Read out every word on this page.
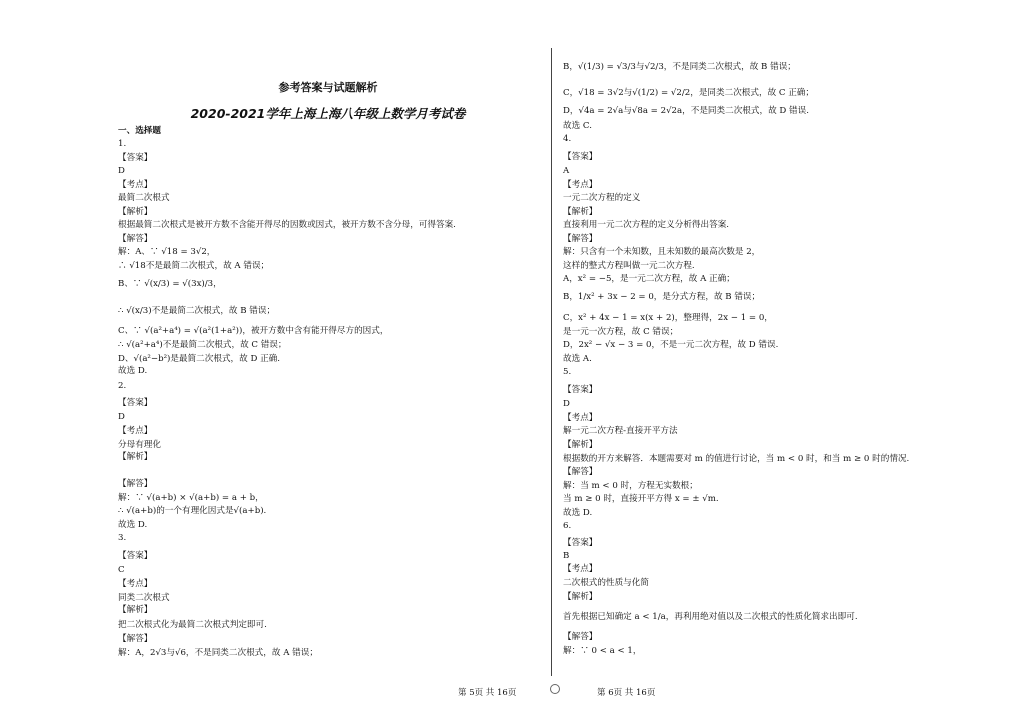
参考答案与试题解析
2020-2021学年上海上海八年级上数学月考试卷
一、选择题
1.
【答案】
D
【考点】
最简二次根式
【解析】
根据最简二次根式是被开方数不含能开得尽的因数或因式，被开方数不含分母，可得答案.
【解答】
解：A、∵ √18 = 3√2，
∴ √18不是最简二次根式，故 A 错误；
B、∵ √(x/3) = √(3x)/3，
∴ √(x/3)不是最简二次根式，故 B 错误；
C、∵ √(a²+a⁴) = √(a²(1+a²))，被开方数中含有能开得尽方的因式，
∴ √(a²+a⁴)不是最简二次根式，故 C 错误；
D、√(a²−b²)是最简二次根式，故 D 正确.
故选 D.
2.
【答案】
D
【考点】
分母有理化
【解析】
【解答】
解：∵ √(a+b) × √(a+b) = a + b，
∴ √(a+b)的一个有理化因式是√(a+b).
故选 D.
3.
【答案】
C
【考点】
同类二次根式
【解析】
把二次根式化为最简二次根式判定即可.
【解答】
解：A，2√3与√6，不是同类二次根式，故 A 错误；
B，√(1/3) = √3/3与√2/3，不是同类二次根式，故 B 错误；
C，√18 = 3√2与√(1/2) = √2/2，是同类二次根式，故 C 正确；
D，√4a = 2√a与√8a = 2√2a，不是同类二次根式，故 D 错误.
故选 C.
4.
【答案】
A
【考点】
一元二次方程的定义
【解析】
直接利用一元二次方程的定义分析得出答案.
【解答】
解：只含有一个未知数，且未知数的最高次数是 2，
这样的整式方程叫做一元二次方程.
A，x² = −5，是一元二次方程，故 A 正确；
B，1/x² + 3x − 2 = 0，是分式方程，故 B 错误；
C，x² + 4x − 1 = x(x + 2)，整理得，2x − 1 = 0，
是一元一次方程，故 C 错误；
D，2x² − √x − 3 = 0，不是一元二次方程，故 D 错误.
故选 A.
5.
【答案】
D
【考点】
解一元二次方程-直接开平方法
【解析】
根据数的开方来解答．本题需要对 m 的值进行讨论，当 m < 0 时，和当 m ≥ 0 时的情况.
【解答】
解：当 m < 0 时，方程无实数根；
当 m ≥ 0 时，直接开平方得 x = ± √m.
故选 D.
6.
【答案】
B
【考点】
二次根式的性质与化简
【解析】
首先根据已知确定 a < 1/a，再利用绝对值以及二次根式的性质化简求出即可.
【解答】
解：∵ 0 < a < 1，
第 5页 共 16页	第 6页 共 16页
